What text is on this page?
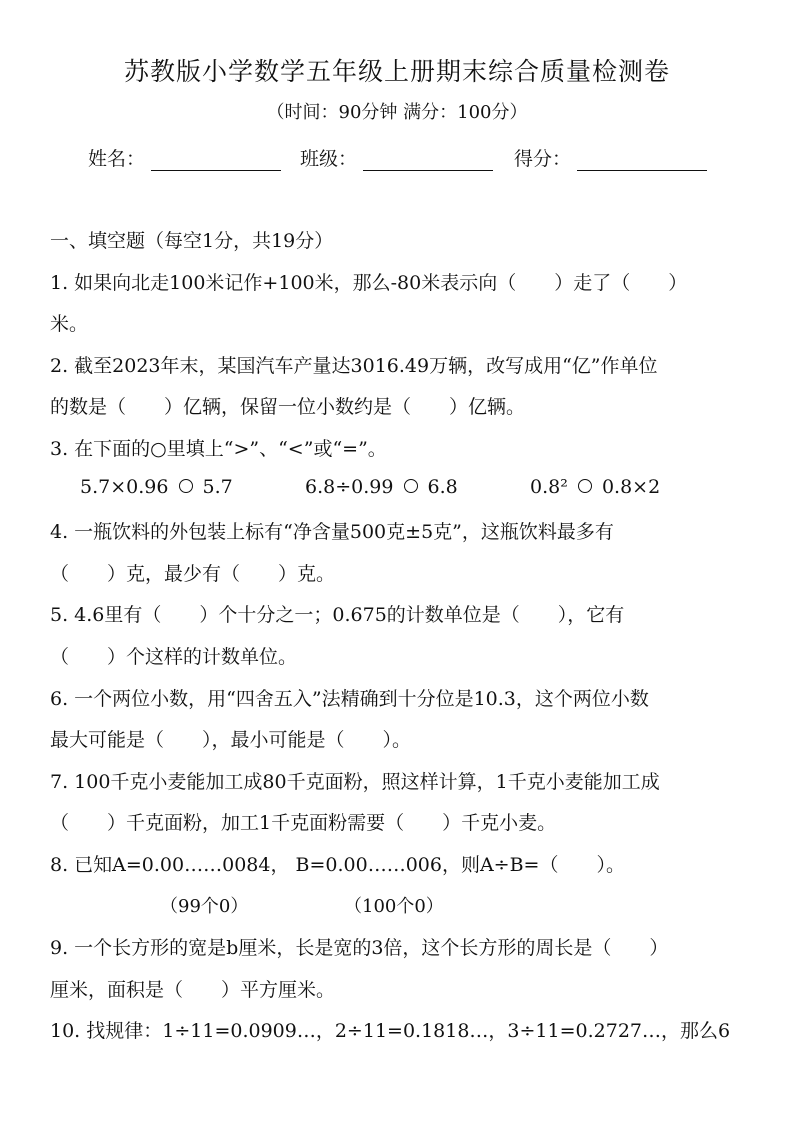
苏教版小学数学五年级上册期末综合质量检测卷
（时间：90分钟 满分：100分）
姓名：	班级：	得分：
一、填空题（每空1分，共19分）
1. 如果向北走100米记作+100米，那么-80米表示向（　　）走了（　　）
米。
2. 截至2023年末，某国汽车产量达3016.49万辆，改写成用“亿”作单位
的数是（　　）亿辆，保留一位小数约是（　　）亿辆。
3. 在下面的○里填上“>”、“<”或“=”。
5.7×0.96 5.7	6.8÷0.99 6.8	0.8² 0.8×2
4. 一瓶饮料的外包装上标有“净含量500克±5克”，这瓶饮料最多有
（　　）克，最少有（　　）克。
5. 4.6里有（　　）个十分之一；0.675的计数单位是（　　），它有
（　　）个这样的计数单位。
6. 一个两位小数，用“四舍五入”法精确到十分位是10.3，这个两位小数
最大可能是（　　），最小可能是（　　）。
7. 100千克小麦能加工成80千克面粉，照这样计算，1千克小麦能加工成
（　　）千克面粉，加工1千克面粉需要（　　）千克小麦。
8. 已知A=0.00……0084， B=0.00……006，则A÷B=（　　）。
（99个0）	（100个0）
9. 一个长方形的宽是b厘米，长是宽的3倍，这个长方形的周长是（　　）
厘米，面积是（　　）平方厘米。
10. 找规律：1÷11=0.0909…，2÷11=0.1818…，3÷11=0.2727…，那么6
